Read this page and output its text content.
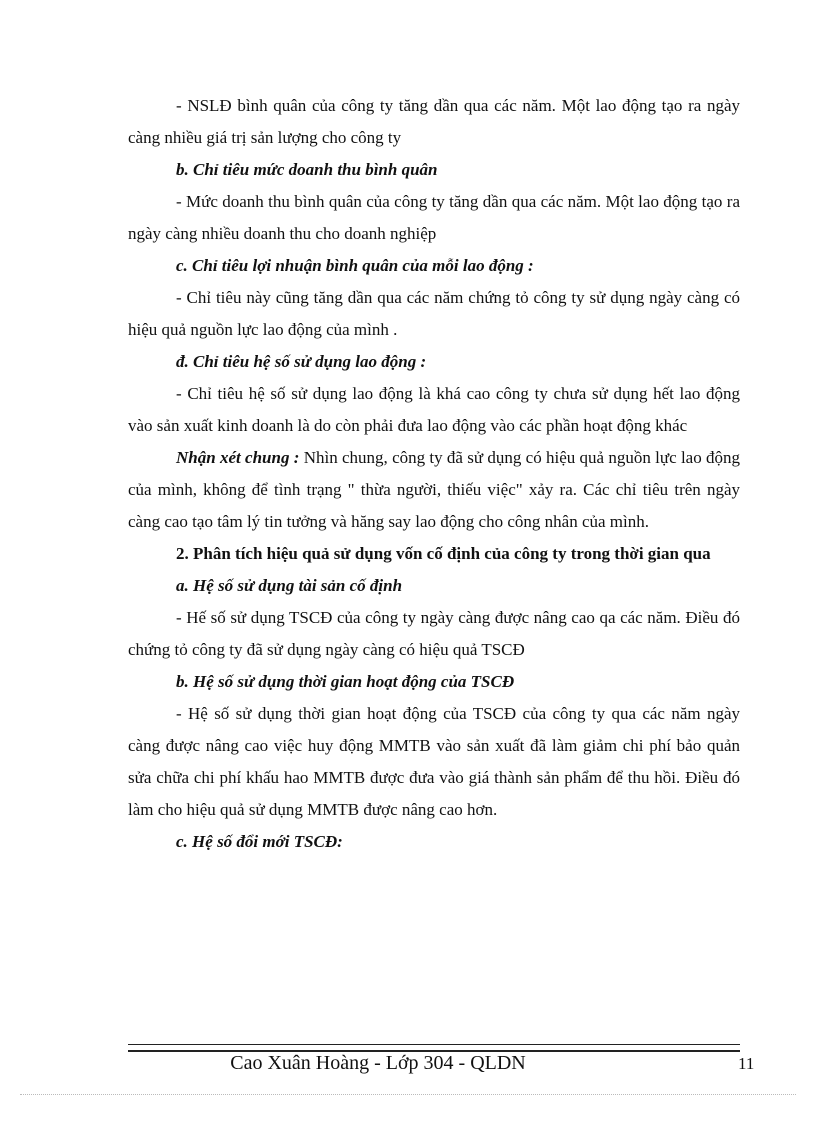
- NSLĐ bình quân của công ty tăng dần qua các năm. Một lao động tạo ra ngày càng nhiều giá trị sản lượng cho công ty

b. Chỉ tiêu mức doanh thu bình quân

- Mức doanh thu bình quân của công ty tăng dần qua các năm. Một lao động tạo ra ngày càng nhiều doanh thu cho doanh nghiệp

c. Chỉ tiêu lợi nhuận bình quân của mỗi lao động :

- Chỉ tiêu này cũng tăng dần qua các năm chứng tỏ công ty sử dụng ngày càng có hiệu quả nguồn lực lao động của mình .

đ. Chỉ tiêu hệ số sử dụng lao động :

- Chỉ tiêu hệ số sử dụng lao động là khá cao công ty chưa sử dụng hết lao động vào sản xuất kinh doanh là do còn phải đưa lao động vào các phần hoạt động khác

Nhận xét chung : Nhìn chung, công ty đã sử dụng có hiệu quả nguồn lực lao động của mình, không để tình trạng " thừa người, thiếu việc" xảy ra. Các chỉ tiêu trên ngày càng cao tạo tâm lý tin tưởng và hăng say lao động cho công nhân của mình.

2. Phân tích hiệu quả sử dụng vốn cố định của công ty trong thời gian qua

a. Hệ số sử dụng tài sản cố định

- Hế số sử dụng TSCĐ của công ty ngày càng được nâng cao qa các năm. Điều đó chứng tỏ công ty đã sử dụng ngày càng có hiệu quả TSCĐ

b. Hệ số sử dụng thời gian hoạt động của TSCĐ

- Hệ số sử dụng thời gian hoạt động của TSCĐ của công ty qua các năm ngày càng được nâng cao việc huy động MMTB vào sản xuất đã làm giảm chi phí bảo quản sửa chữa chi phí khấu hao MMTB được đưa vào giá thành sản phẩm để thu hồi. Điều đó làm cho hiệu quả sử dụng MMTB được nâng cao hơn.

c. Hệ số đổi mới TSCĐ:

Cao Xuân Hoàng - Lớp 304 - QLDN	11
